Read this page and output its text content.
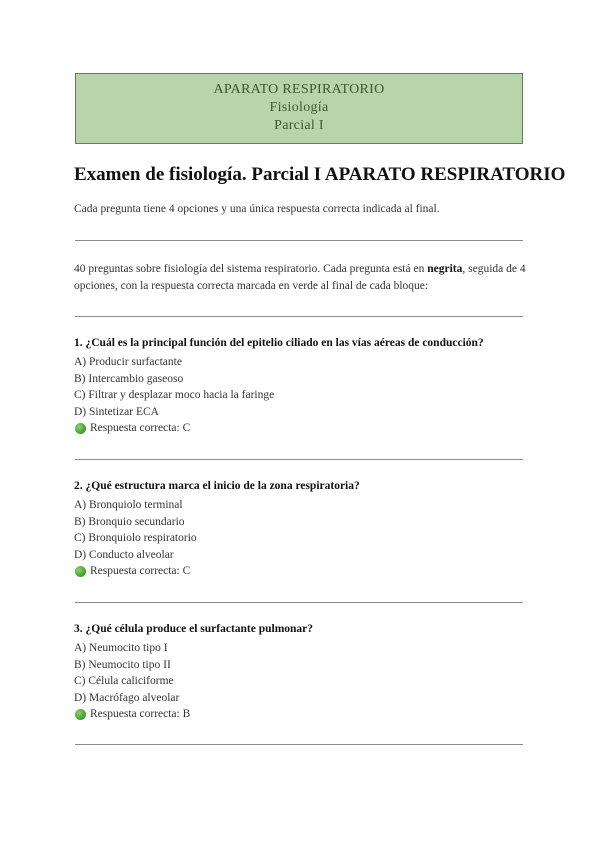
APARATO RESPIRATORIO
Fisiología
Parcial I
Examen de fisiología. Parcial I APARATO RESPIRATORIO
Cada pregunta tiene 4 opciones y una única respuesta correcta indicada al final.
40 preguntas sobre fisiología del sistema respiratorio. Cada pregunta está en negrita, seguida de 4 opciones, con la respuesta correcta marcada en verde al final de cada bloque:
1. ¿Cuál es la principal función del epitelio ciliado en las vías aéreas de conducción?
A) Producir surfactante
B) Intercambio gaseoso
C) Filtrar y desplazar moco hacia la faringe
D) Sintetizar ECA
Respuesta correcta: C
2. ¿Qué estructura marca el inicio de la zona respiratoria?
A) Bronquiolo terminal
B) Bronquio secundario
C) Bronquiolo respiratorio
D) Conducto alveolar
Respuesta correcta: C
3. ¿Qué célula produce el surfactante pulmonar?
A) Neumocito tipo I
B) Neumocito tipo II
C) Célula caliciforme
D) Macrófago alveolar
Respuesta correcta: B
